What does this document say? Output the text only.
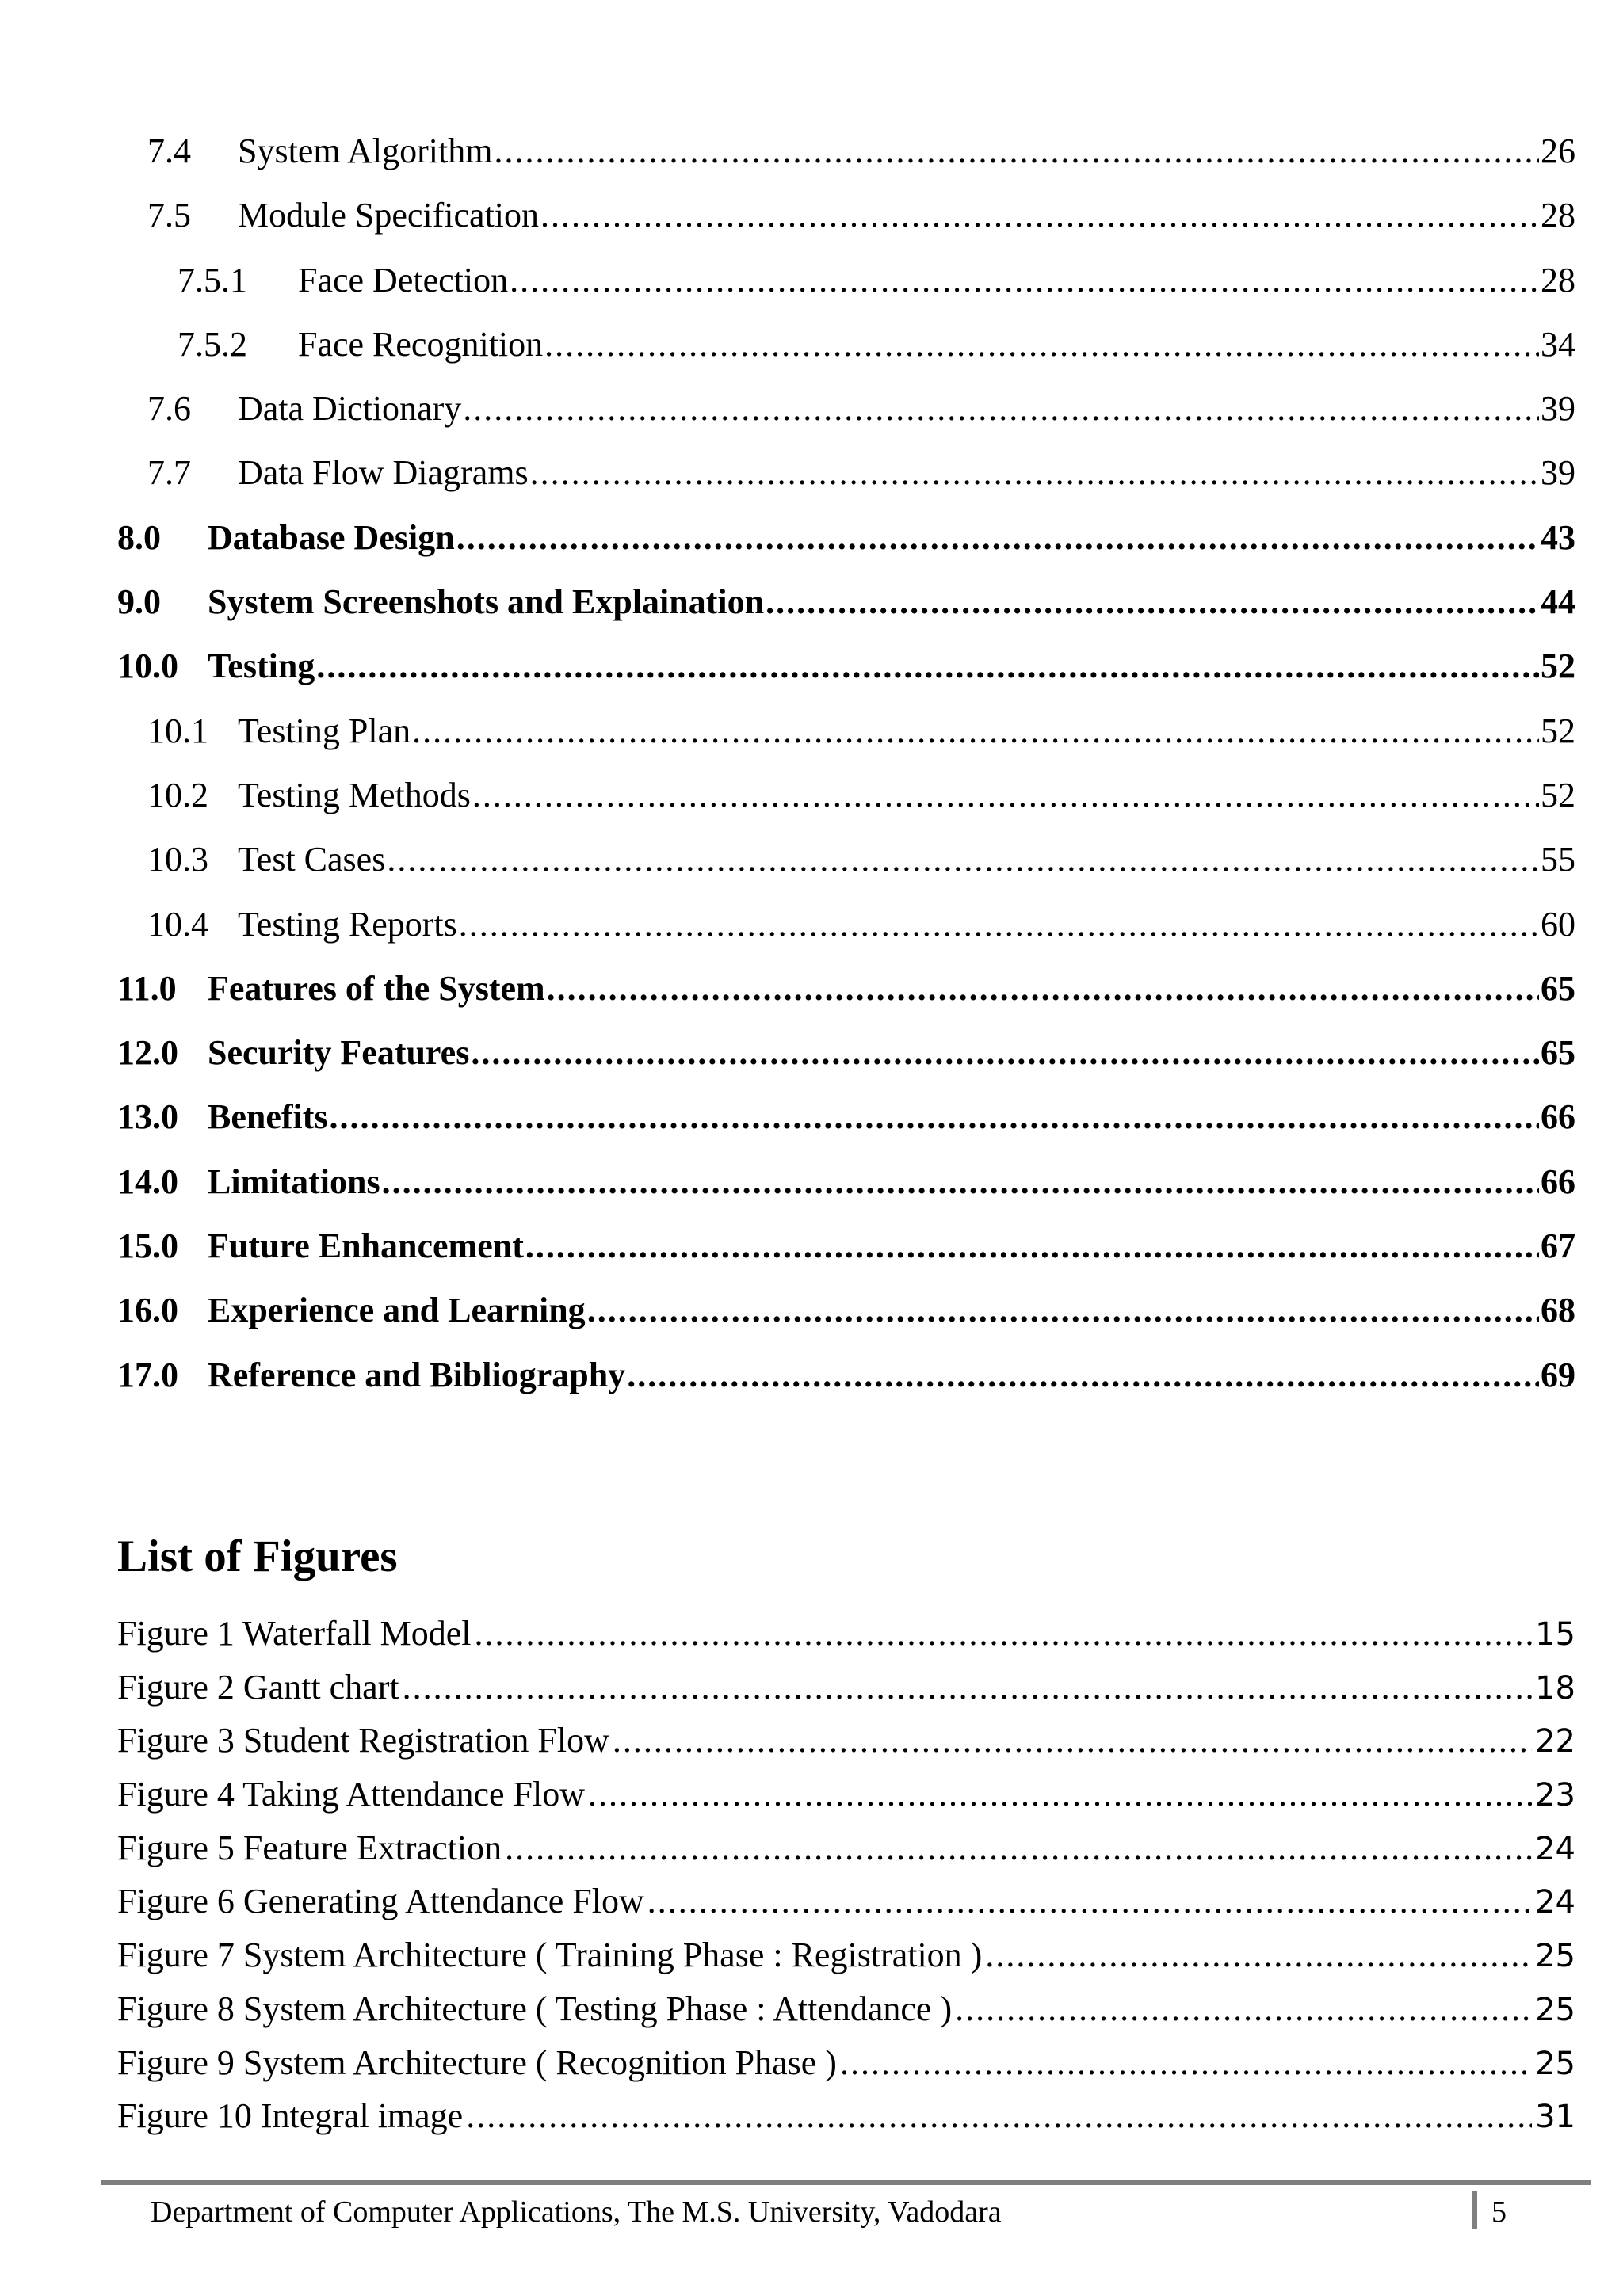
7.4	System Algorithm .....	26
7.5	Module Specification .....	28
7.5.1	Face Detection .....	28
7.5.2	Face Recognition .....	34
7.6	Data Dictionary .....	39
7.7	Data Flow Diagrams .....	39
8.0	Database Design .....	43
9.0	System Screenshots and Explaination .....	44
10.0 Testing .....	52
10.1 Testing Plan .....	52
10.2 Testing Methods .....	52
10.3 Test Cases .....	55
10.4 Testing Reports .....	60
11.0 Features of the System .....	65
12.0 Security Features .....	65
13.0 Benefits .....	66
14.0 Limitations .....	66
15.0 Future Enhancement .....	67
16.0 Experience and Learning .....	68
17.0 Reference and Bibliography .....	69
List of Figures
Figure 1 Waterfall Model .....	15
Figure 2 Gantt chart .....	18
Figure 3 Student Registration Flow .....	22
Figure 4 Taking Attendance Flow .....	23
Figure 5 Feature Extraction .....	24
Figure 6 Generating Attendance Flow .....	24
Figure 7 System Architecture ( Training Phase : Registration ) .....	25
Figure 8 System Architecture ( Testing Phase : Attendance ) .....	25
Figure 9 System Architecture ( Recognition Phase ) .....	25
Figure 10 Integral image .....	31
Department of Computer Applications, The M.S. University, Vadodara	5
